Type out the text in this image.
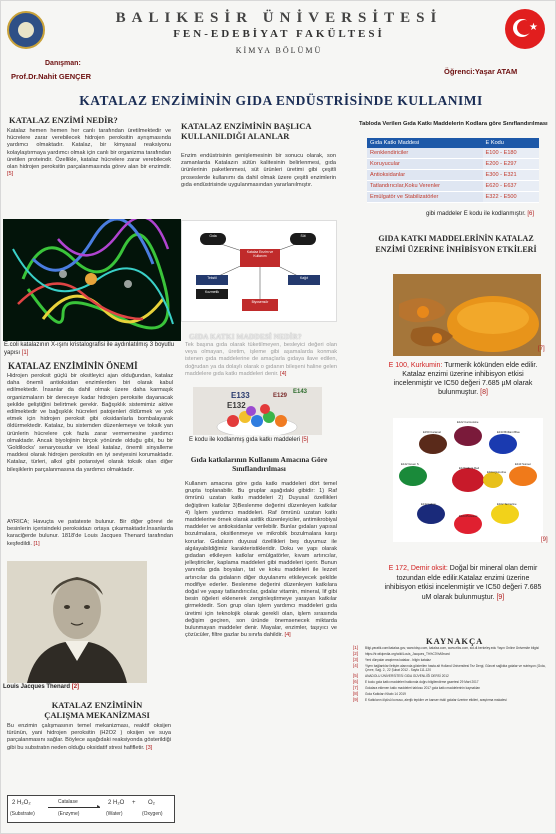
★
BALIKESİR ÜNİVERSİTESİ
FEN-EDEBİYAT FAKÜLTESİ
KİMYA BÖLÜMÜ
Danışman:
Prof.Dr.Nahit GENÇER
Öğrenci:Yaşar ATAM
KATALAZ ENZİMİNİN GIDA ENDÜSTRİSİNDE KULLANIMI
KATALAZ ENZİMİ NEDİR?
Katalaz hemen hemen her canlı tarafından üretilmektedir ve hücrelere zarar verebilecek hidrojen peroksitin ayrışmasında yardımcı olmaktadır. Katalaz, bir kimyasal reaksiyonu kolaylaştırmaya yardımcı olmak için canlı bir organizma tarafından üretilen proteindir. Özellikle, katalaz hücrelere zarar verebilecek olan hidrojen peroksitin parçalanmasında görev alan bir enzimdir. [5]
E.coli katalazının X-ışını kristalografisi ile aydınlatılmış 3 boyutlu yapısı [1]
KATALAZ ENZİMİNİN ÖNEMİ
Hidrojen peroksit güçlü bir oksitleyici ajan olduğundan, katalaz daha önemli antioksidan enzimlerden biri olarak kabul edilmektedir. İnsanlar da dahil olmak üzere daha karmaşık organizmaların bir dereceye kadar hidrojen peroksite dayanacak şekilde geliştiğini belirtmek gerekir. Bağışıklık sistemimiz aktive edilmektedir ve bağışıklık hücreleri patojenleri öldürmek ve yok etmek için hidrojen peroksit gibi oksidanlarla bombalayarak öldürmektedir. Katalaz, bu sistemden düzenlemeye ve toksik yan ürünlerin hücrelere çok fazla zarar vermemesine yardımcı olmaktadır. Ancak biyolojinin birçok yönünde olduğu gibi, bu bir 'Goldilocks' senaryosudur ve ideal katalaz, önemli sinyalleme maddesi olarak hidrojen peroksitin en iyi seviyesini korumaktadır. Katalaz, türleri, alkol gibi potansiyel olarak toksik olan diğer bileşiklerin parçalanmasına da yardımcı olmaktadır.
AYRICA; Havuçta ve patateste bulunur. Bir diğer görevi de besinlerin içerisindeki peroksidazı ortaya çıkarmaktadır.İnsanlarda karaciğerde bulunur. 1818'de Louis Jacques Thenard tarafından keşfedildi. [1]
Louis Jacques Thenard [2]
KATALAZ ENZİMİNİN ÇALIŞMA MEKANİZMASI
Bu enzimin çalışmasının temel mekanizması, reaktif oksijen türünün, yani hidrojen peroksitin (H2O2 ) oksijen ve suya parçalanmasını sağlar. Böylece aşağıdaki reaksiyonda gösterildiği gibi bu substratın neden olduğu oksidatif stresi hafifletir. [3]
2 H₂O₂
(Substrate)
Catalase
▸
(Enzyme)
2 H₂O
(Water)
+ O₂
(Oxygen)
KATALAZ ENZİMİNİN BAŞLICA KULLANILDIĞI ALANLAR
Enzim endüstrisinin genişlemesinin bir sonucu olarak, son zamanlarda Katalazın sütün kalitesinin belirlenmesi, gıda ürünlerinin paketlenmesi, süt ürünleri üretimi gibi çeşitli proseslerde kullanımı da dahil olmak üzere çeşitli enzimlerin gıda endüstrisinde uygulanmasından yararlanılmıştır.
Katalaz Enzim ve Kullanım
Gıda	Süt
Tekstil	Kağıt
Kozmetik
Biyosensör
GIDA KATKI MADDESİ NEDİR?
Tek başına gıda olarak tüketilmeyen, besleyici değeri olan veya olmayan, üretim, işleme gibi aşamalarda konmak istenen gıda maddelerine de amaçlarla gıdaya ilave edilen, doğrudan ya da dolaylı olarak o gıdanın bileşeni haline gelen maddelere gıda katkı maddeleri denir. [4]
E133
E132
E129
E143
E kodu ile kodlanmış gıda katkı maddeleri [5]
Gıda katkılarının Kullanım Amacına Göre Sınıflandırılması
Kullanım amacına göre gıda katkı maddeleri dört temel grupta toplanabilir. Bu gruplar aşağıdaki gibidir: 1) Raf ömrünü uzatan katkı maddeleri 2) Duyusal özellikleri değiştiren katkılar 3)Beslenme değerini düzenleyen katkılar 4) İşlem yardımcı maddeleri. Raf ömrünü uzatan katkı maddelerine örnek olarak asitlik düzenleyiciler, antimikrobiyal maddeler ve antioksidanlar verilebilir. Bunlar gıdaları yapısal bozulmalara, oksitlenmeye ve mikrobik bozulmalara karşı korurlar. Gıdaların duyusal özellikleri beş duyumuz ile algılayabildiğimiz karakteristikleridir. Doku ve yapı olarak gıdadan etkileyen katkılar emülgatörler, kıvam artırıcılar, jelleştiriciler, kaplama maddeleri gibi maddeleri içerir. Bunun yanında gıda boyaları, tat ve koku maddeleri ile lezzet artırıcılar da gıdaların diğer duyulanımı etkileyecek şekilde modifiye ederler. Beslenme değerini düzenleyen katkılara doğal ve yapay tatlandırıcılar, gıdalar vitamin, mineral, lif gibi besin öğeleri eklenerek zenginleştirmeye yarayan katkılar girmektedir. Son grup olan işlem yardımcı maddeleri gıda üretimi için teknolojik olarak gerekli olan, işlem sırasında değişim geçiren, son üründe önemsenecek miktarda bulunmayan maddeler denir. Mayalar, enzimler, taşıyıcı ve çözücüler, filtre gazlar bu sınıfa dahildir. [4]
Tabloda Verilen Gıda Katkı Maddelerin Kodlara göre Sınıflandırılması
Gıda Katkı Maddesi	E Kodu
Renklendiriciler	E100 - E180
Koruyucular	E200 - E297
Antioksidanlar	E300 - E321
Tatlandırıcılar,Koku Verenler	E620 - E637
Emülgatör ve Stabilizatörler	E322 - E500
gibi maddeler E kodu ile kodlanmıştır. [6]
GIDA KATKI MADDELERİNİN KATALAZ ENZİMİ ÜZERİNE İNHİBİSYON ETKİLERİ
[7]
E 100, Kurkumin: Turmerik kökünden elde edilir. Katalaz enzimi üzerine inhibisyon etkisi incelenmiştir ve IC50 değeri 7.685 µM olarak bulunmuştur. [8]
E122 Carmoisine
E133 Brilliant Blue
E110 Sunset
E102 Tartrazine
E124 Ponceau
E132 Indigo
E142 Green S
E150 Caramel
E129 Allura Red
E104 Quinoline
[9]
E 172, Demir oksit: Doğal bir mineral olan demir tozundan elde edilir.Katalaz enzimi üzerine inhibisyon etkisi incelenmiştir ve IC50 değeri 7.685 uM olarak bulunmuştur. [9]
KAYNAKÇA
[1]	Bilgi.yaratik.com/katalaz.gov, www.tdsp.com, katalaz.com, www.elks.com, sid.dl.berkeley.edu Yayın Online Üniversite bilgisi
[2]	https://tr.wikipedia.org/wiki/Louis_Jacques_Th%C3%A9nard
[3]	Yeni dünyalar araştırma katalaz - bilgin katalaz
[4]	Yiyen bağlantılar iletişim alanında gösterilen hasta ait Holland Üniversitesi Tez Dergi, Güncel sağlıkta gıdalar ve nutrisyon (Gıda, Çevre, Sağ. 2., 22 Şubat 2012 - Sayfa 111-120
[5]	ANADOLU ÜNİVERSİTESİ GIDA GÜVENLİĞİ DERSİ 2012
[6]	E kodu gıda katkı maddeleri hakkında doğru bilgilendirme gazetesi 29 Mart 2017
[7]	Gıdalara eklenen katkı maddeleri tablosu 2017 gıda katkı maddelerinin kaynakları
[8]	Gıda Katkıları Kitabı 14 2019
[9]	E Katkıların ölçüsü konusu, alerjik tepkiler ve kanser riskli gıdalar üzerine etkileri, araştırma makalesi
